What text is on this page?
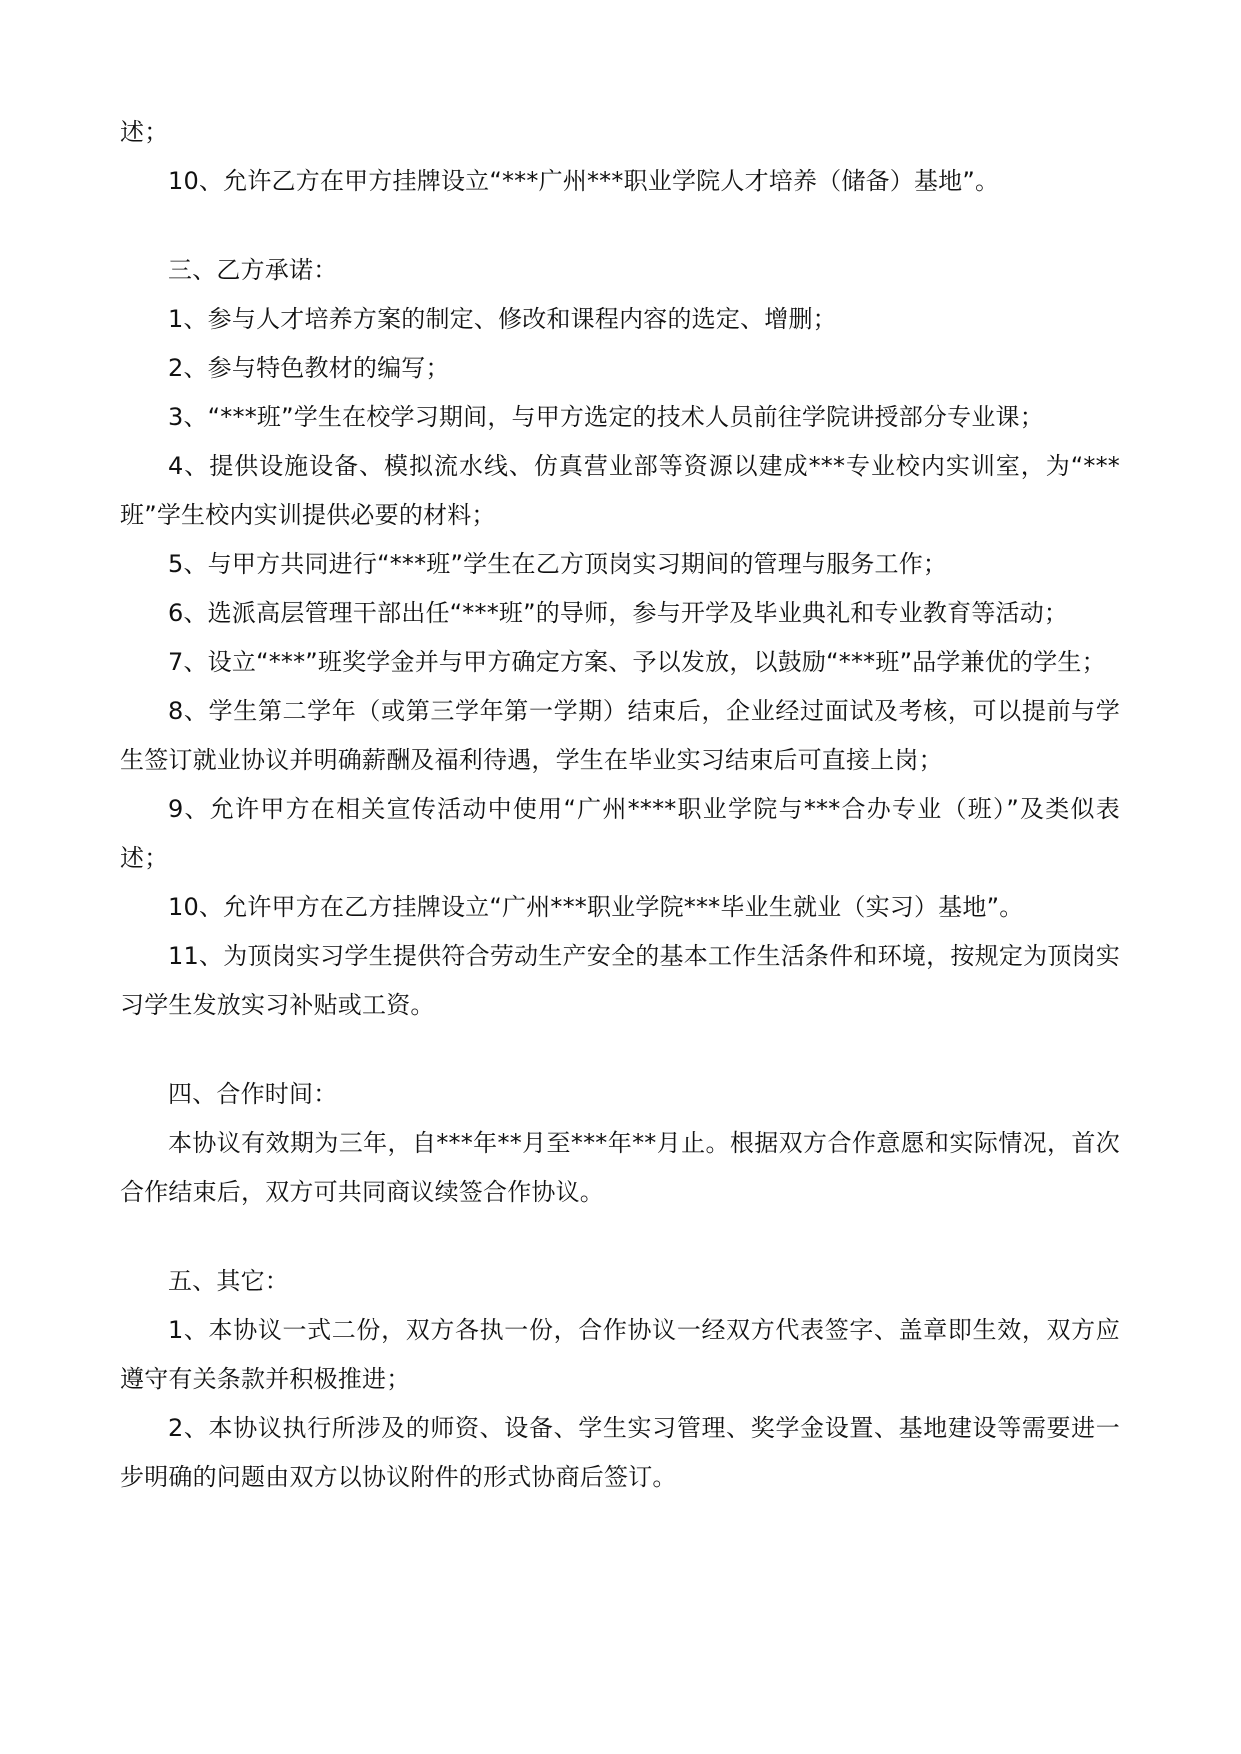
述；

10、允许乙方在甲方挂牌设立“***广州***职业学院人才培养（储备）基地”。

三、乙方承诺：

1、参与人才培养方案的制定、修改和课程内容的选定、增删；

2、参与特色教材的编写；

3、“***班”学生在校学习期间，与甲方选定的技术人员前往学院讲授部分专业课；

4、提供设施设备、模拟流水线、仿真营业部等资源以建成***专业校内实训室，为“***班”学生校内实训提供必要的材料；

5、与甲方共同进行“***班”学生在乙方顶岗实习期间的管理与服务工作；

6、选派高层管理干部出任“***班”的导师，参与开学及毕业典礼和专业教育等活动；

7、设立“***”班奖学金并与甲方确定方案、予以发放，以鼓励“***班”品学兼优的学生；

8、学生第二学年（或第三学年第一学期）结束后，企业经过面试及考核，可以提前与学生签订就业协议并明确薪酬及福利待遇，学生在毕业实习结束后可直接上岗；

9、允许甲方在相关宣传活动中使用“广州****职业学院与***合办专业（班）”及类似表述；

10、允许甲方在乙方挂牌设立“广州***职业学院***毕业生就业（实习）基地”。

11、为顶岗实习学生提供符合劳动生产安全的基本工作生活条件和环境，按规定为顶岗实习学生发放实习补贴或工资。

四、合作时间：

本协议有效期为三年，自***年**月至***年**月止。根据双方合作意愿和实际情况，首次合作结束后，双方可共同商议续签合作协议。

五、其它：

1、本协议一式二份，双方各执一份，合作协议一经双方代表签字、盖章即生效，双方应遵守有关条款并积极推进；

2、本协议执行所涉及的师资、设备、学生实习管理、奖学金设置、基地建设等需要进一步明确的问题由双方以协议附件的形式协商后签订。
